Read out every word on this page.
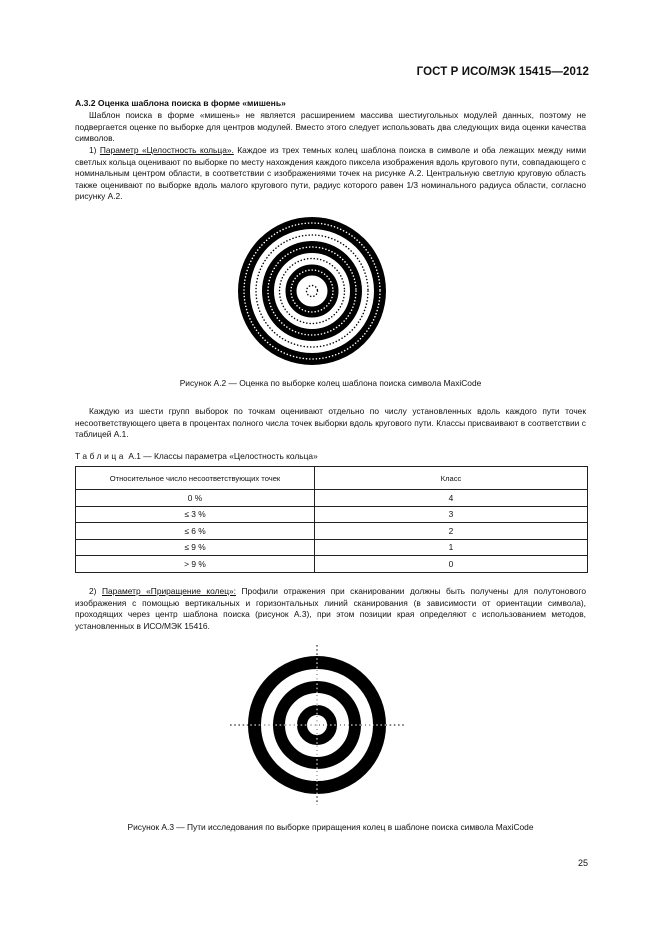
ГОСТ Р ИСО/МЭК 15415—2012
А.3.2 Оценка шаблона поиска в форме «мишень»
Шаблон поиска в форме «мишень» не является расширением массива шестиугольных модулей данных, поэтому не подвергается оценке по выборке для центров модулей. Вместо этого следует использовать два следующих вида оценки качества символов.
1) Параметр «Целостность кольца». Каждое из трех темных колец шаблона поиска в символе и оба лежащих между ними светлых кольца оценивают по выборке по месту нахождения каждого пиксела изображения вдоль кругового пути, совпадающего с номинальным центром области, в соответствии с изображениями точек на рисунке А.2. Центральную светлую круговую область также оценивают по выборке вдоль малого кругового пути, радиус которого равен 1/3 номинального радиуса области, согласно рисунку А.2.
Рисунок А.2 — Оценка по выборке колец шаблона поиска символа MaxiCode
Каждую из шести групп выборок по точкам оценивают отдельно по числу установленных вдоль каждого пути точек несоответствующего цвета в процентах полного числа точек выборки вдоль кругового пути. Классы присваивают в соответствии с таблицей А.1.
Таблица А.1 — Классы параметра «Целостность кольца»
Относительное число несоответствующих точек	Класс
0 %	4
≤ 3 %	3
≤ 6 %	2
≤ 9 %	1
> 9 %	0
2) Параметр «Приращение колец»: Профили отражения при сканировании должны быть получены для полутонового изображения с помощью вертикальных и горизонтальных линий сканирования (в зависимости от ориентации символа), проходящих через центр шаблона поиска (рисунок А.3), при этом позиции края определяют с использованием методов, установленных в ИСО/МЭК 15416.
Рисунок А.3 — Пути исследования по выборке приращения колец в шаблоне поиска символа MaxiCode
25
